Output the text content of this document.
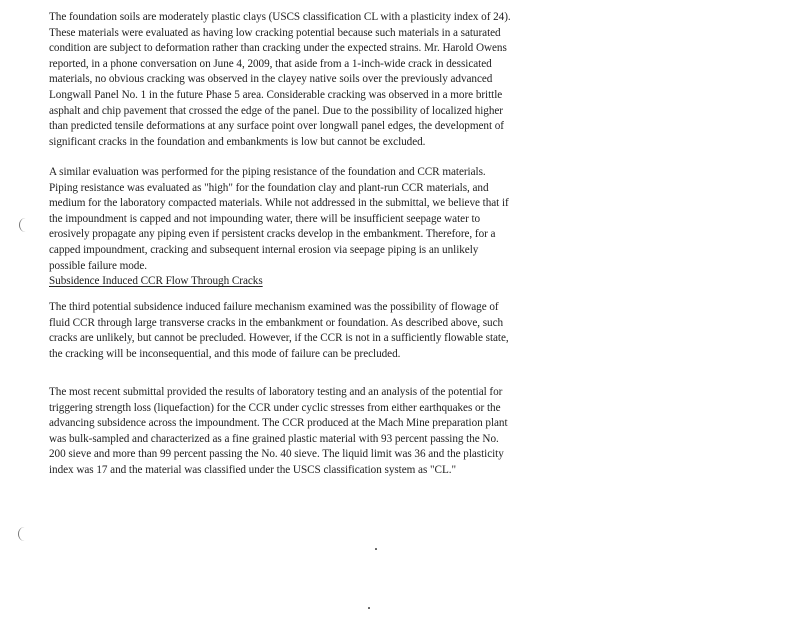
The foundation soils are moderately plastic clays (USCS classification CL with a plasticity index of 24). These materials were evaluated as having low cracking potential because such materials in a saturated condition are subject to deformation rather than cracking under the expected strains. Mr. Harold Owens reported, in a phone conversation on June 4, 2009, that aside from a 1-inch-wide crack in dessicated materials, no obvious cracking was observed in the clayey native soils over the previously advanced Longwall Panel No. 1 in the future Phase 5 area. Considerable cracking was observed in a more brittle asphalt and chip pavement that crossed the edge of the panel. Due to the possibility of localized higher than predicted tensile deformations at any surface point over longwall panel edges, the development of significant cracks in the foundation and embankments is low but cannot be excluded.

A similar evaluation was performed for the piping resistance of the foundation and CCR materials. Piping resistance was evaluated as "high" for the foundation clay and plant-run CCR materials, and medium for the laboratory compacted materials. While not addressed in the submittal, we believe that if the impoundment is capped and not impounding water, there will be insufficient seepage water to erosively propagate any piping even if persistent cracks develop in the embankment. Therefore, for a capped impoundment, cracking and subsequent internal erosion via seepage piping is an unlikely possible failure mode.

Subsidence Induced CCR Flow Through Cracks

The third potential subsidence induced failure mechanism examined was the possibility of flowage of fluid CCR through large transverse cracks in the embankment or foundation. As described above, such cracks are unlikely, but cannot be precluded. However, if the CCR is not in a sufficiently flowable state, the cracking will be inconsequential, and this mode of failure can be precluded.

The most recent submittal provided the results of laboratory testing and an analysis of the potential for triggering strength loss (liquefaction) for the CCR under cyclic stresses from either earthquakes or the advancing subsidence across the impoundment. The CCR produced at the Mach Mine preparation plant was bulk-sampled and characterized as a fine grained plastic material with 93 percent passing the No. 200 sieve and more than 99 percent passing the No. 40 sieve. The liquid limit was 36 and the plasticity index was 17 and the material was classified under the USCS classification system as "CL."
